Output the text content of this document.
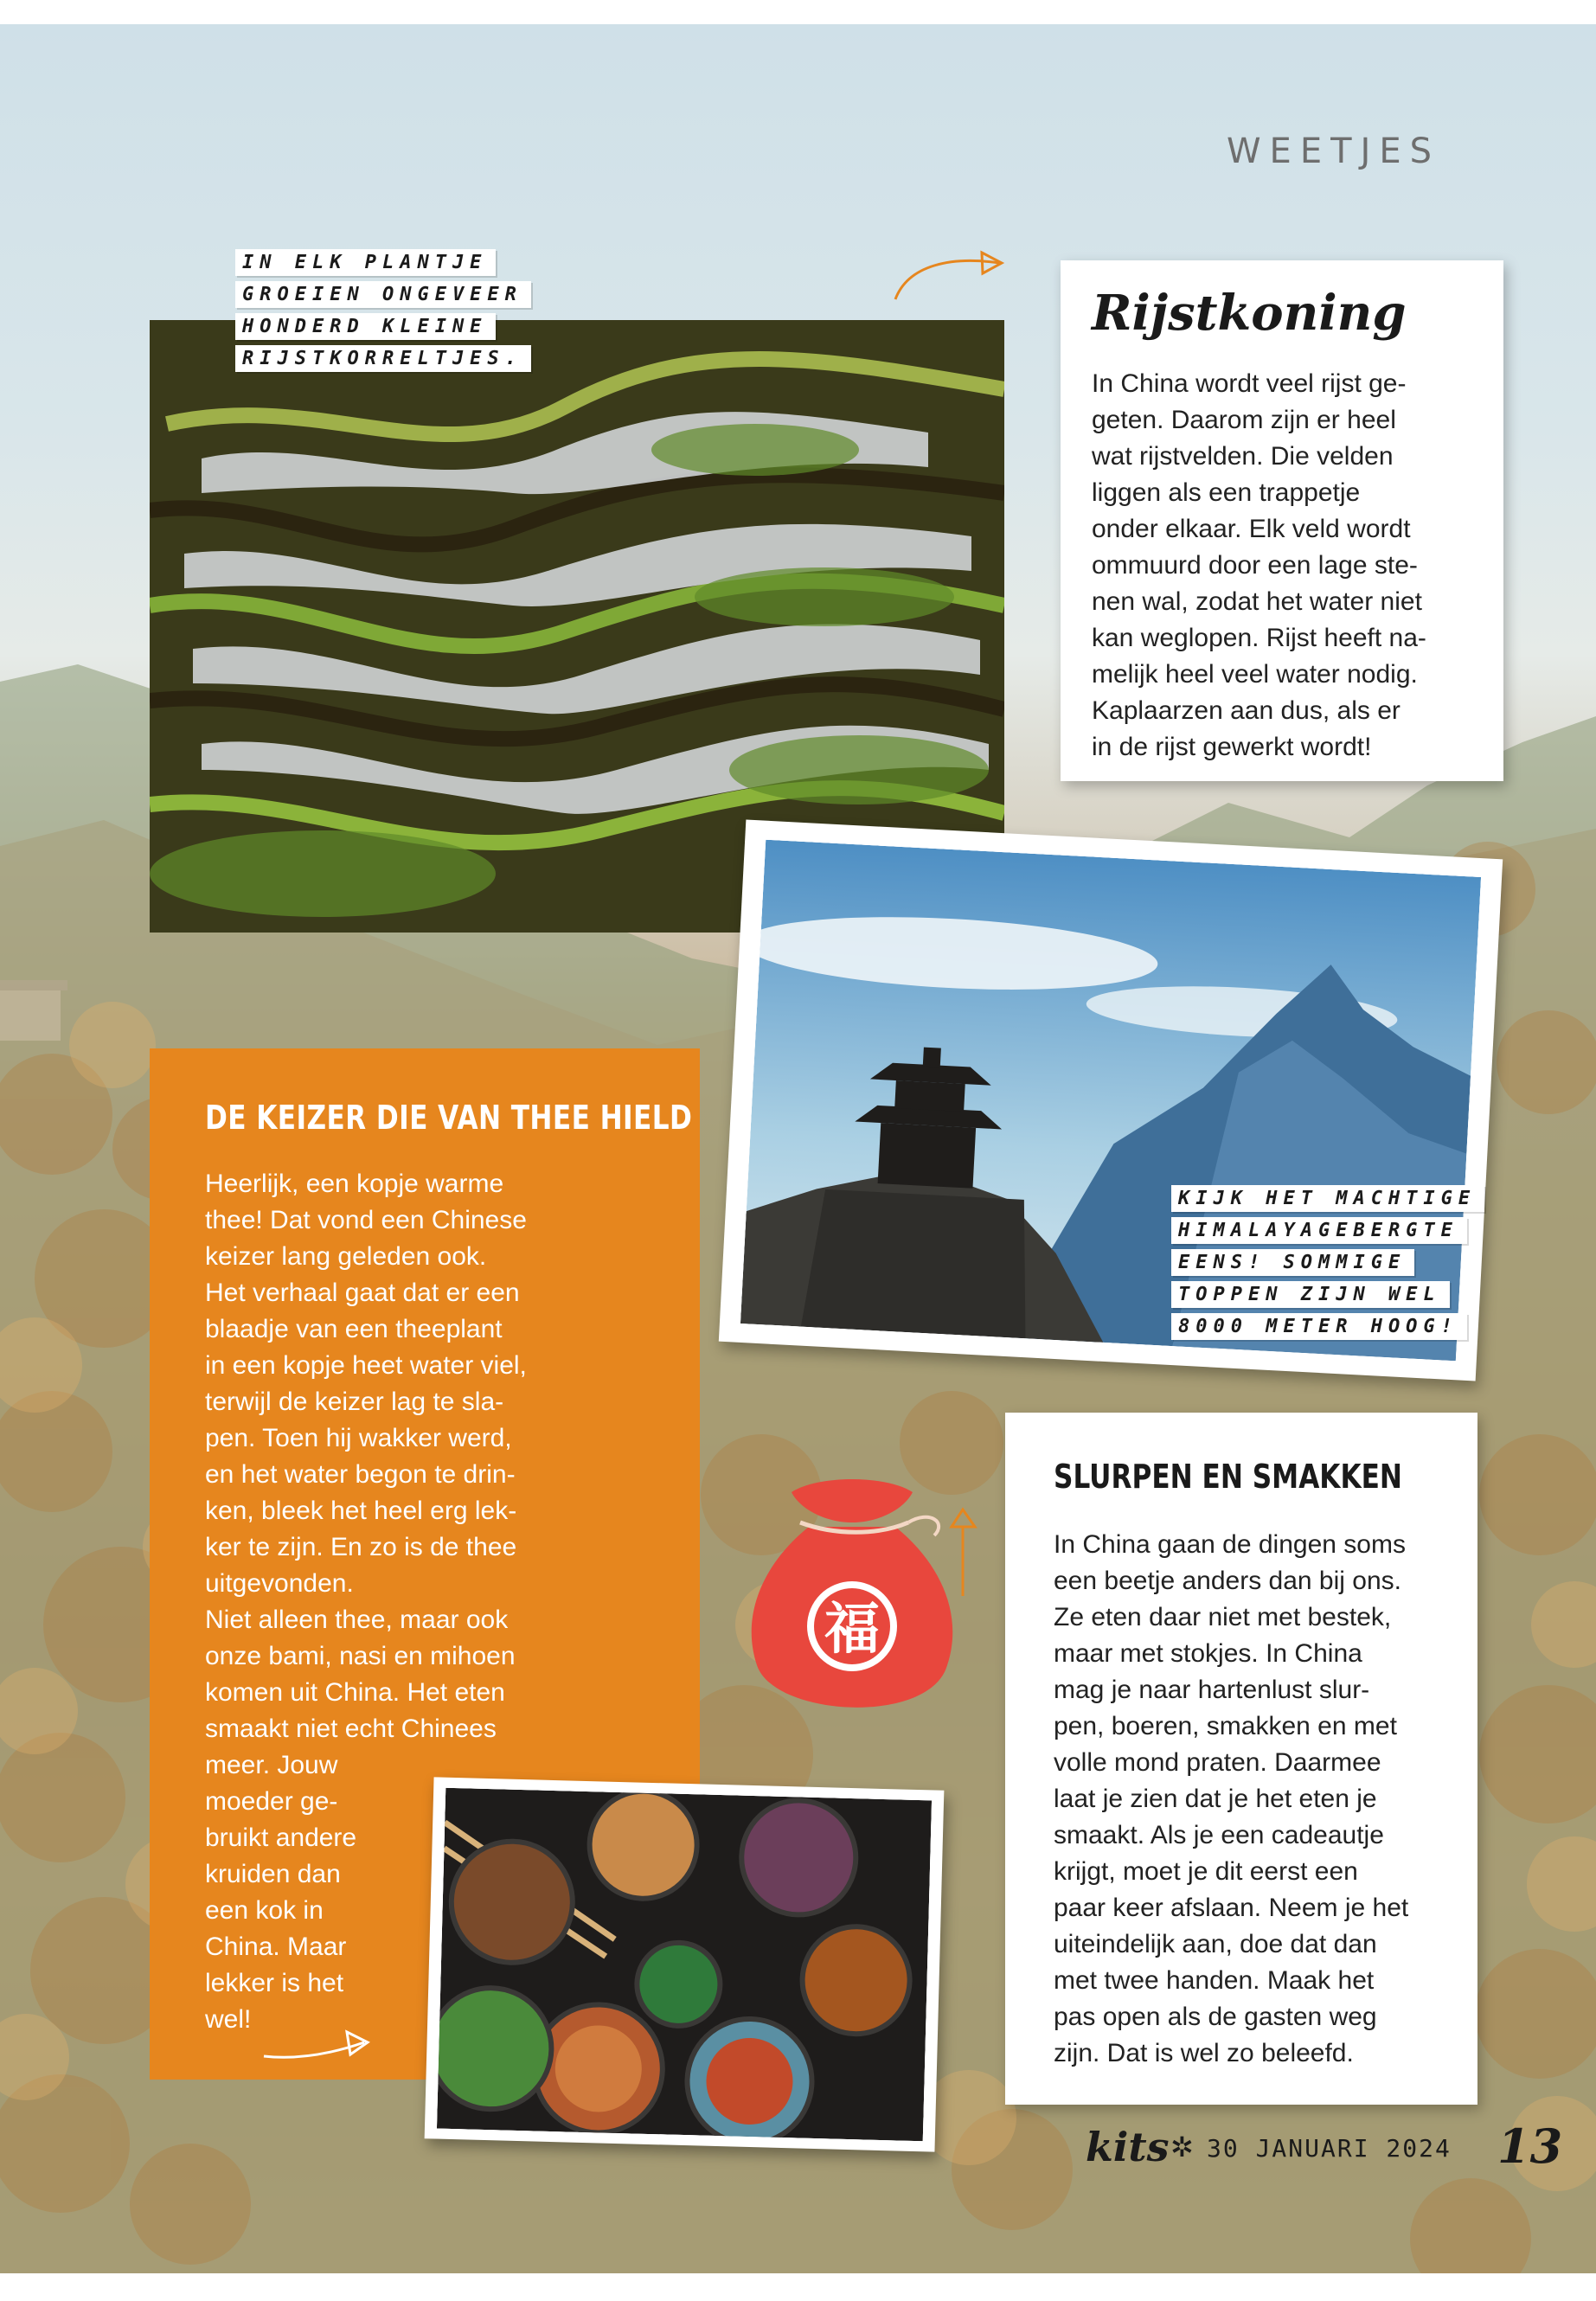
WEETJES
IN ELK PLANTJE
GROEIEN ONGEVEER
HONDERD KLEINE
RIJSTKORRELTJES.
Rijstkoning
In China wordt veel rijst ge-
geten. Daarom zijn er heel
wat rijstvelden. Die velden
liggen als een trappetje
onder elkaar. Elk veld wordt
ommuurd door een lage ste-
nen wal, zodat het water niet
kan weglopen. Rijst heeft na-
melijk heel veel water nodig.
Kaplaarzen aan dus, als er
in de rijst gewerkt wordt!
KIJK HET MACHTIGE
HIMALAYAGEBERGTE
EENS! SOMMIGE
TOPPEN ZIJN WEL
8000 METER HOOG!
DE KEIZER DIE VAN THEE HIELD
Heerlijk, een kopje warme
thee! Dat vond een Chinese
keizer lang geleden ook.
Het verhaal gaat dat er een
blaadje van een theeplant
in een kopje heet water viel,
terwijl de keizer lag te sla-
pen. Toen hij wakker werd,
en het water begon te drin-
ken, bleek het heel erg lek-
ker te zijn. En zo is de thee
uitgevonden.
Niet alleen thee, maar ook
onze bami, nasi en mihoen
komen uit China. Het eten
smaakt niet echt Chinees
meer. Jouw
moeder ge-
bruikt andere
kruiden dan
een kok in
China. Maar
lekker is het
wel!
福
SLURPEN EN SMAKKEN
In China gaan de dingen soms
een beetje anders dan bij ons.
Ze eten daar niet met bestek,
maar met stokjes. In China
mag je naar hartenlust slur-
pen, boeren, smakken en met
volle mond praten. Daarmee
laat je zien dat je het eten je
smaakt. Als je een cadeautje
krijgt, moet je dit eerst een
paar keer afslaan. Neem je het
uiteindelijk aan, doe dat dan
met twee handen. Maak het
pas open als de gasten weg
zijn. Dat is wel zo beleefd.
kits ✲ 30 JANUARI 2024 13
